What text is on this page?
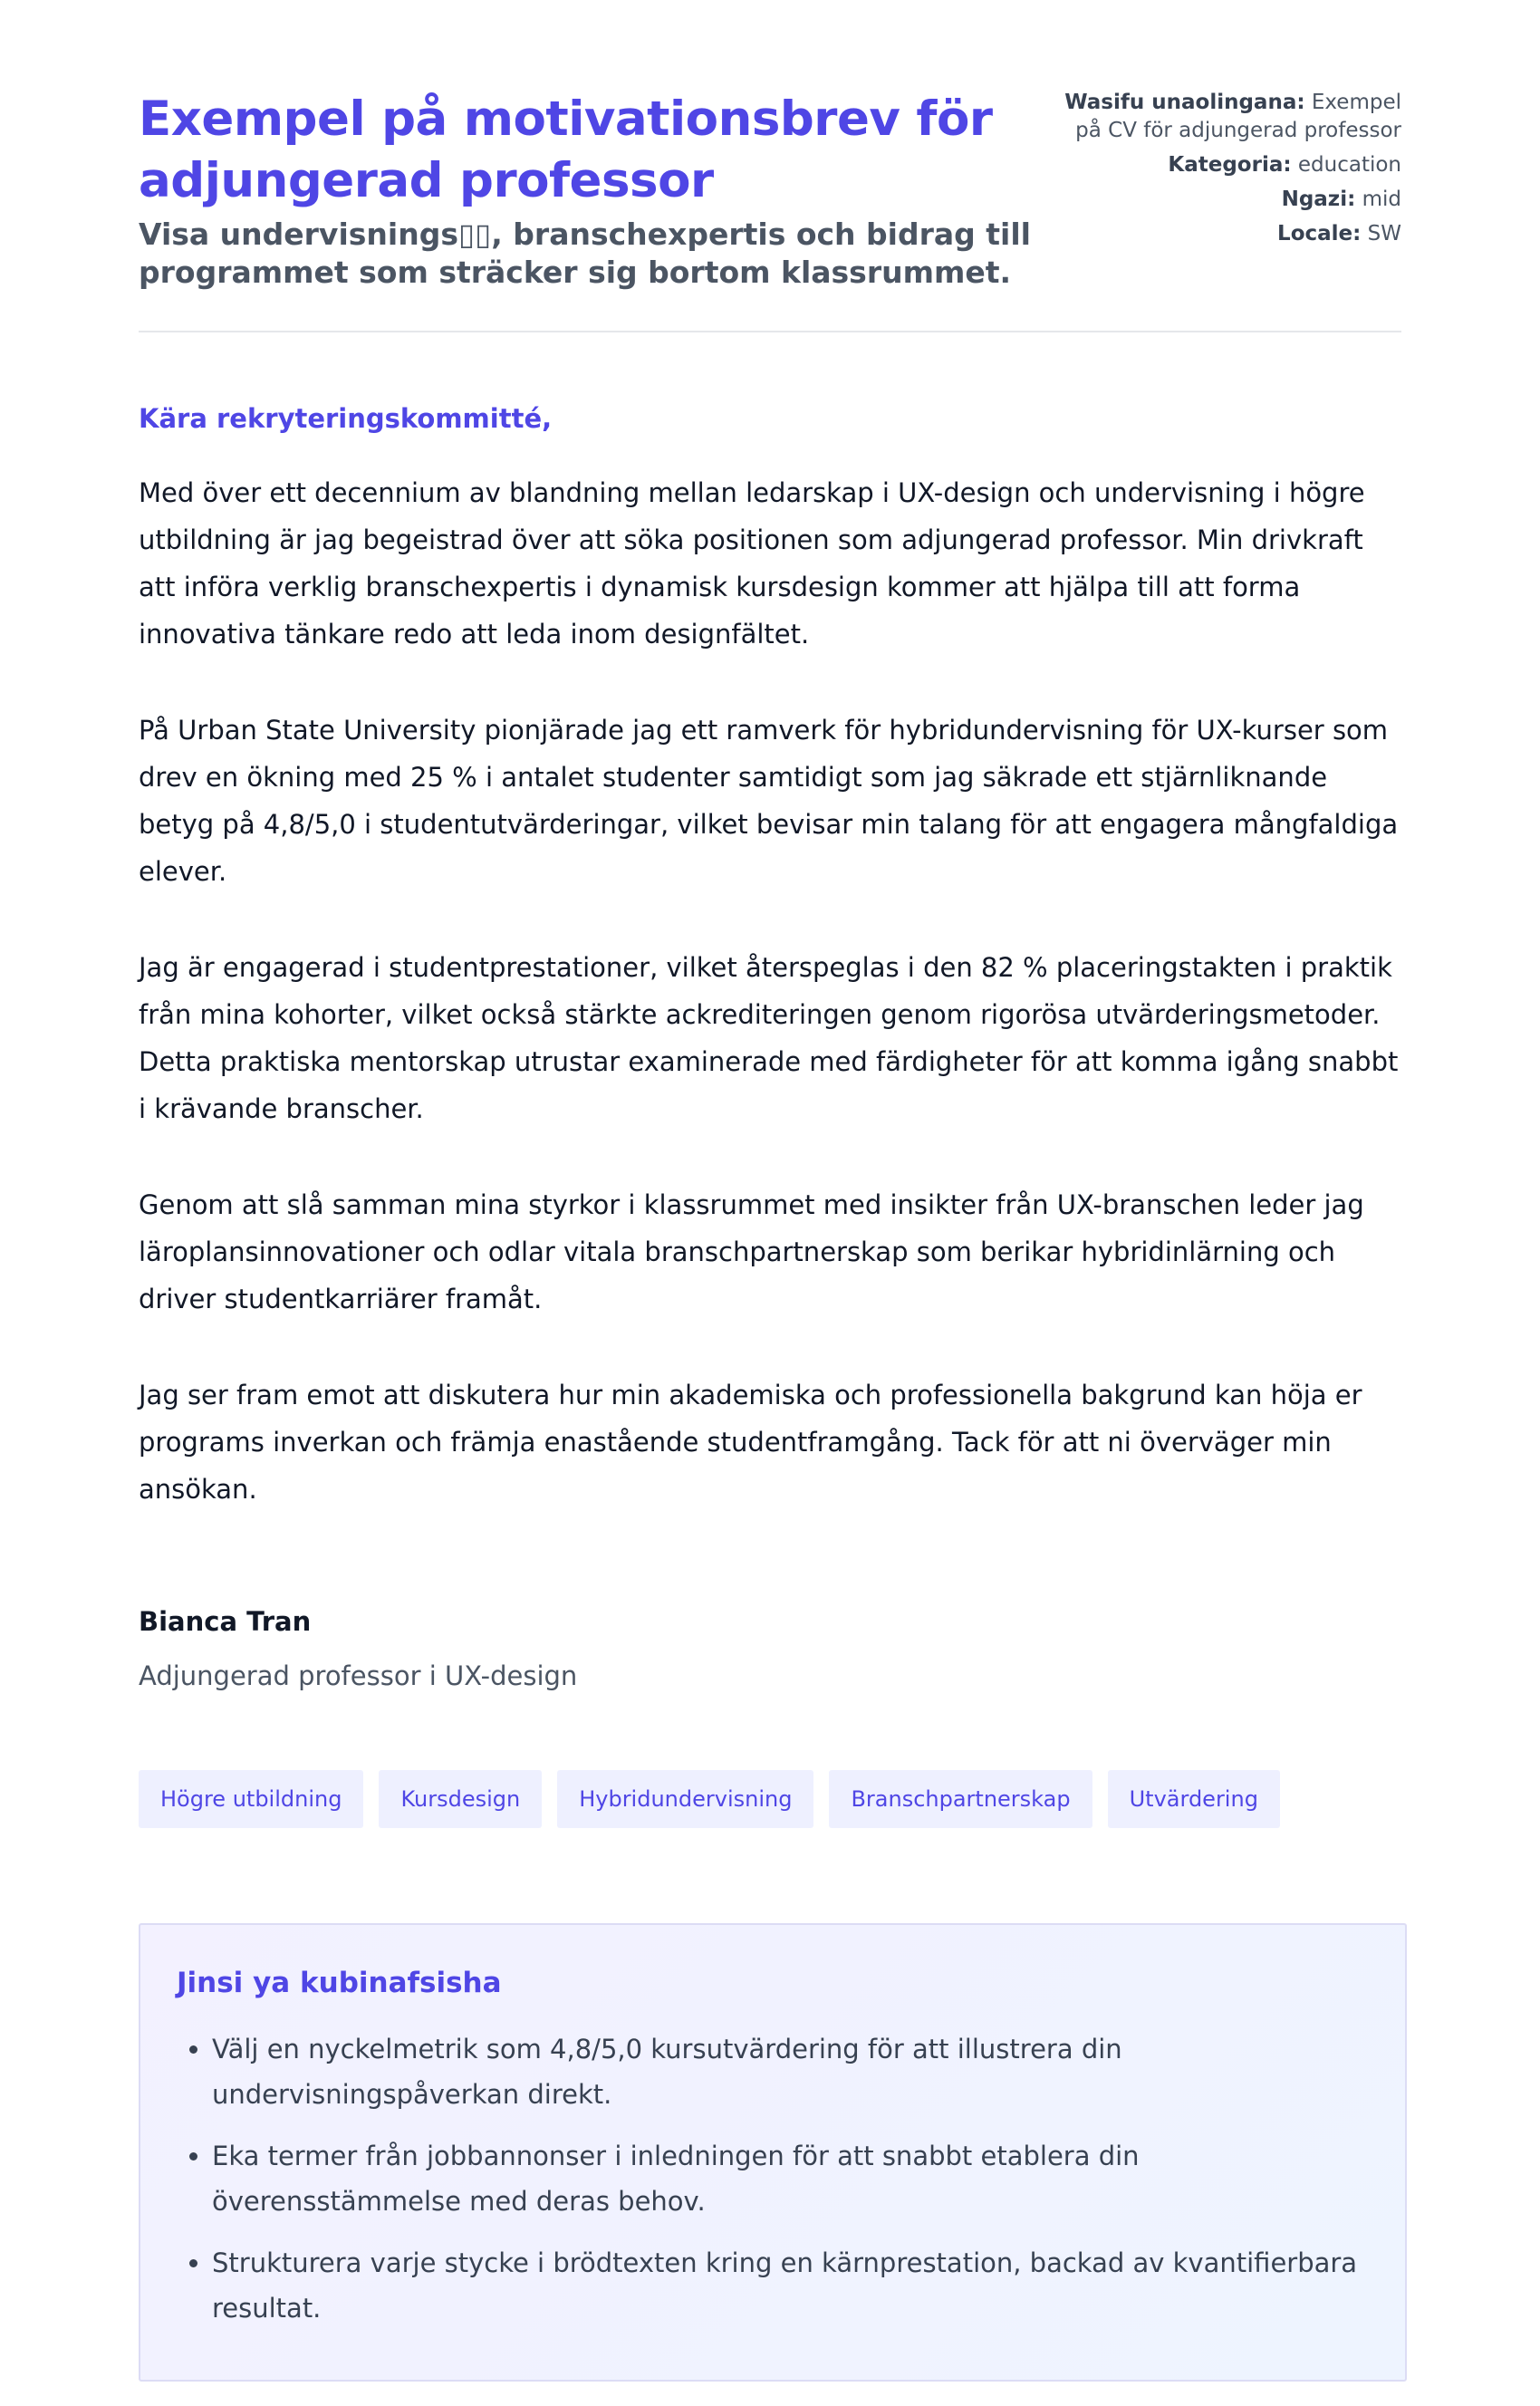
Exempel på motivationsbrev för adjungerad professor

Visa undervisnings▯▯, branschexpertis och bidrag till programmet som sträcker sig bortom klassrummet.

Wasifu unaolingana: Exempel på CV för adjungerad professor
Kategoria: education
Ngazi: mid
Locale: SW

Kära rekryteringskommitté,

Med över ett decennium av blandning mellan ledarskap i UX-design och undervisning i högre utbildning är jag begeistrad över att söka positionen som adjungerad professor. Min drivkraft att införa verklig branschexpertis i dynamisk kursdesign kommer att hjälpa till att forma innovativa tänkare redo att leda inom designfältet.

På Urban State University pionjärade jag ett ramverk för hybridundervisning för UX-kurser som drev en ökning med 25 % i antalet studenter samtidigt som jag säkrade ett stjärnliknande betyg på 4,8/5,0 i studentutvärderingar, vilket bevisar min talang för att engagera mångfaldiga elever.

Jag är engagerad i studentprestationer, vilket återspeglas i den 82 % placeringstakten i praktik från mina kohorter, vilket också stärkte ackrediteringen genom rigorösa utvärderingsmetoder. Detta praktiska mentorskap utrustar examinerade med färdigheter för att komma igång snabbt i krävande branscher.

Genom att slå samman mina styrkor i klassrummet med insikter från UX-branschen leder jag läroplansinnovationer och odlar vitala branschpartnerskap som berikar hybridinlärning och driver studentkarriärer framåt.

Jag ser fram emot att diskutera hur min akademiska och professionella bakgrund kan höja er programs inverkan och främja enastående studentframgång. Tack för att ni överväger min ansökan.

Bianca Tran
Adjungerad professor i UX-design
Högre utbildning	Kursdesign	Hybridundervisning	Branschpartnerskap	Utvärdering
Jinsi ya kubinafsisha
• Välj en nyckelmetrik som 4,8/5,0 kursutvärdering för att illustrera din undervisningspåverkan direkt.
• Eka termer från jobbannonser i inledningen för att snabbt etablera din överensstämmelse med deras behov.
• Strukturera varje stycke i brödtexten kring en kärnprestation, backad av kvantifierbara resultat.
